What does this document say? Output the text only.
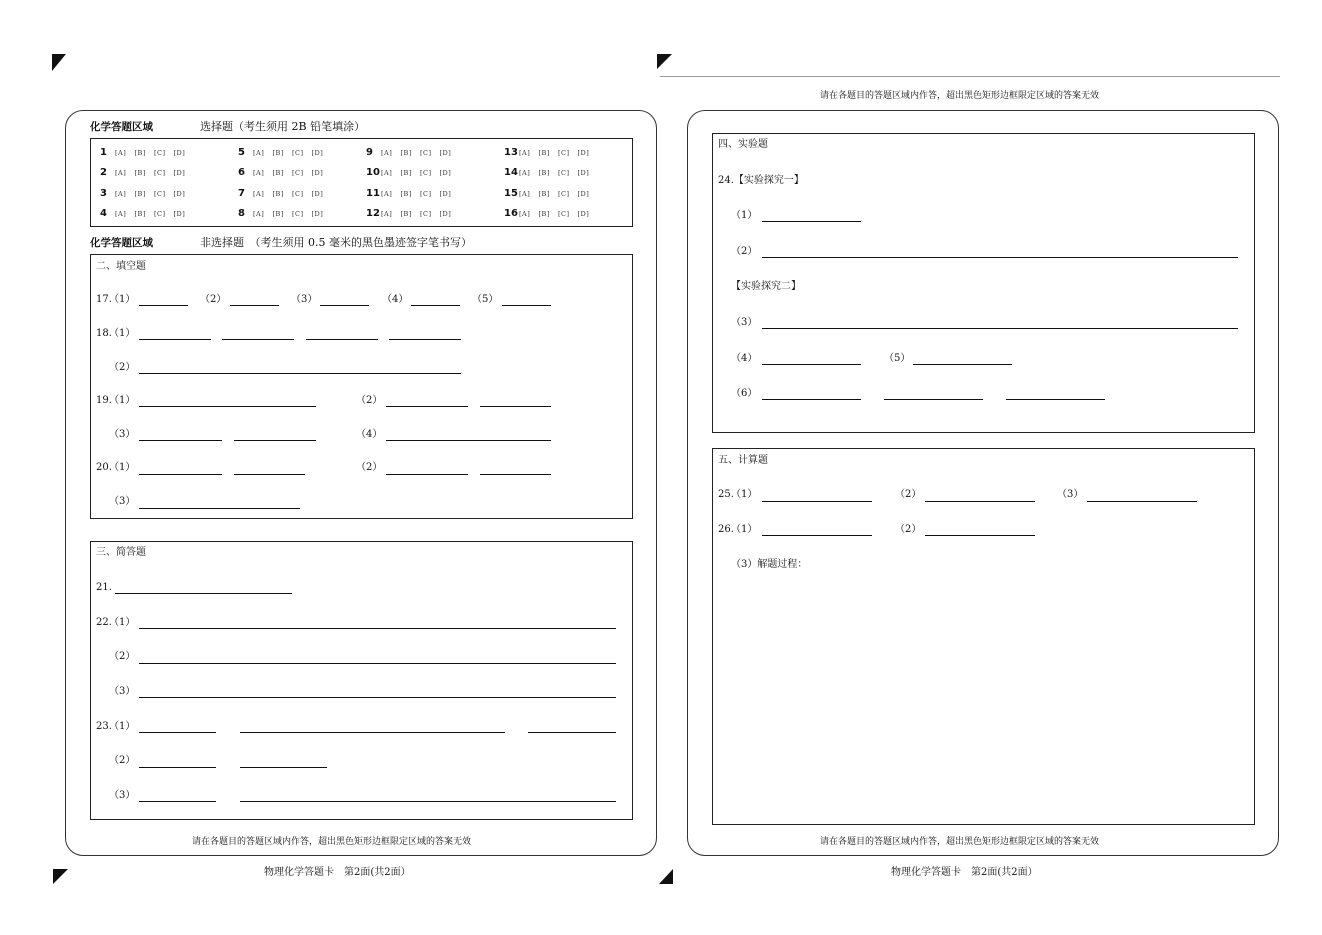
请在各题目的答题区域内作答，超出黑色矩形边框限定区域的答案无效
化学答题区域	选择题（考生须用 2B 铅笔填涂）
1 [A] [B] [C] [D]
2 [A] [B] [C] [D]
3 [A] [B] [C] [D]
4 [A] [B] [C] [D]
5 [A] [B] [C] [D]
6 [A] [B] [C] [D]
7 [A] [B] [C] [D]
8 [A] [B] [C] [D]
9 [A] [B] [C] [D]
10 [A] [B] [C] [D]
11 [A] [B] [C] [D]
12 [A] [B] [C] [D]
13 [A] [B] [C] [D]
14 [A] [B] [C] [D]
15 [A] [B] [C] [D]
16 [A] [B] [C] [D]
化学答题区域	非选择题　（考生须用 0.5 毫米的黑色墨迹签字笔书写）
二、填空题
17.
（1）	（2）	（3）	（4）	（5）
18.
（1）
（2）
19.
（1）	（2）
（3）	（4）
20.
（1）	（2）
（3）
三、简答题
21.
22.
（1）
（2）
（3）
23.
（1）
（2）
（3）
请在各题目的答题区域内作答，超出黑色矩形边框限定区域的答案无效
四、实验题
24.【实验探究一】
（1）
（2）
【实验探究二】
（3）
（4）	（5）
（6）
五、计算题
25.
（1）	（2）	（3）
26.
（1）	（2）
（3）解题过程：
请在各题目的答题区域内作答，超出黑色矩形边框限定区域的答案无效
物理化学答题卡　第2面(共2面）	物理化学答题卡　第2面(共2面）
